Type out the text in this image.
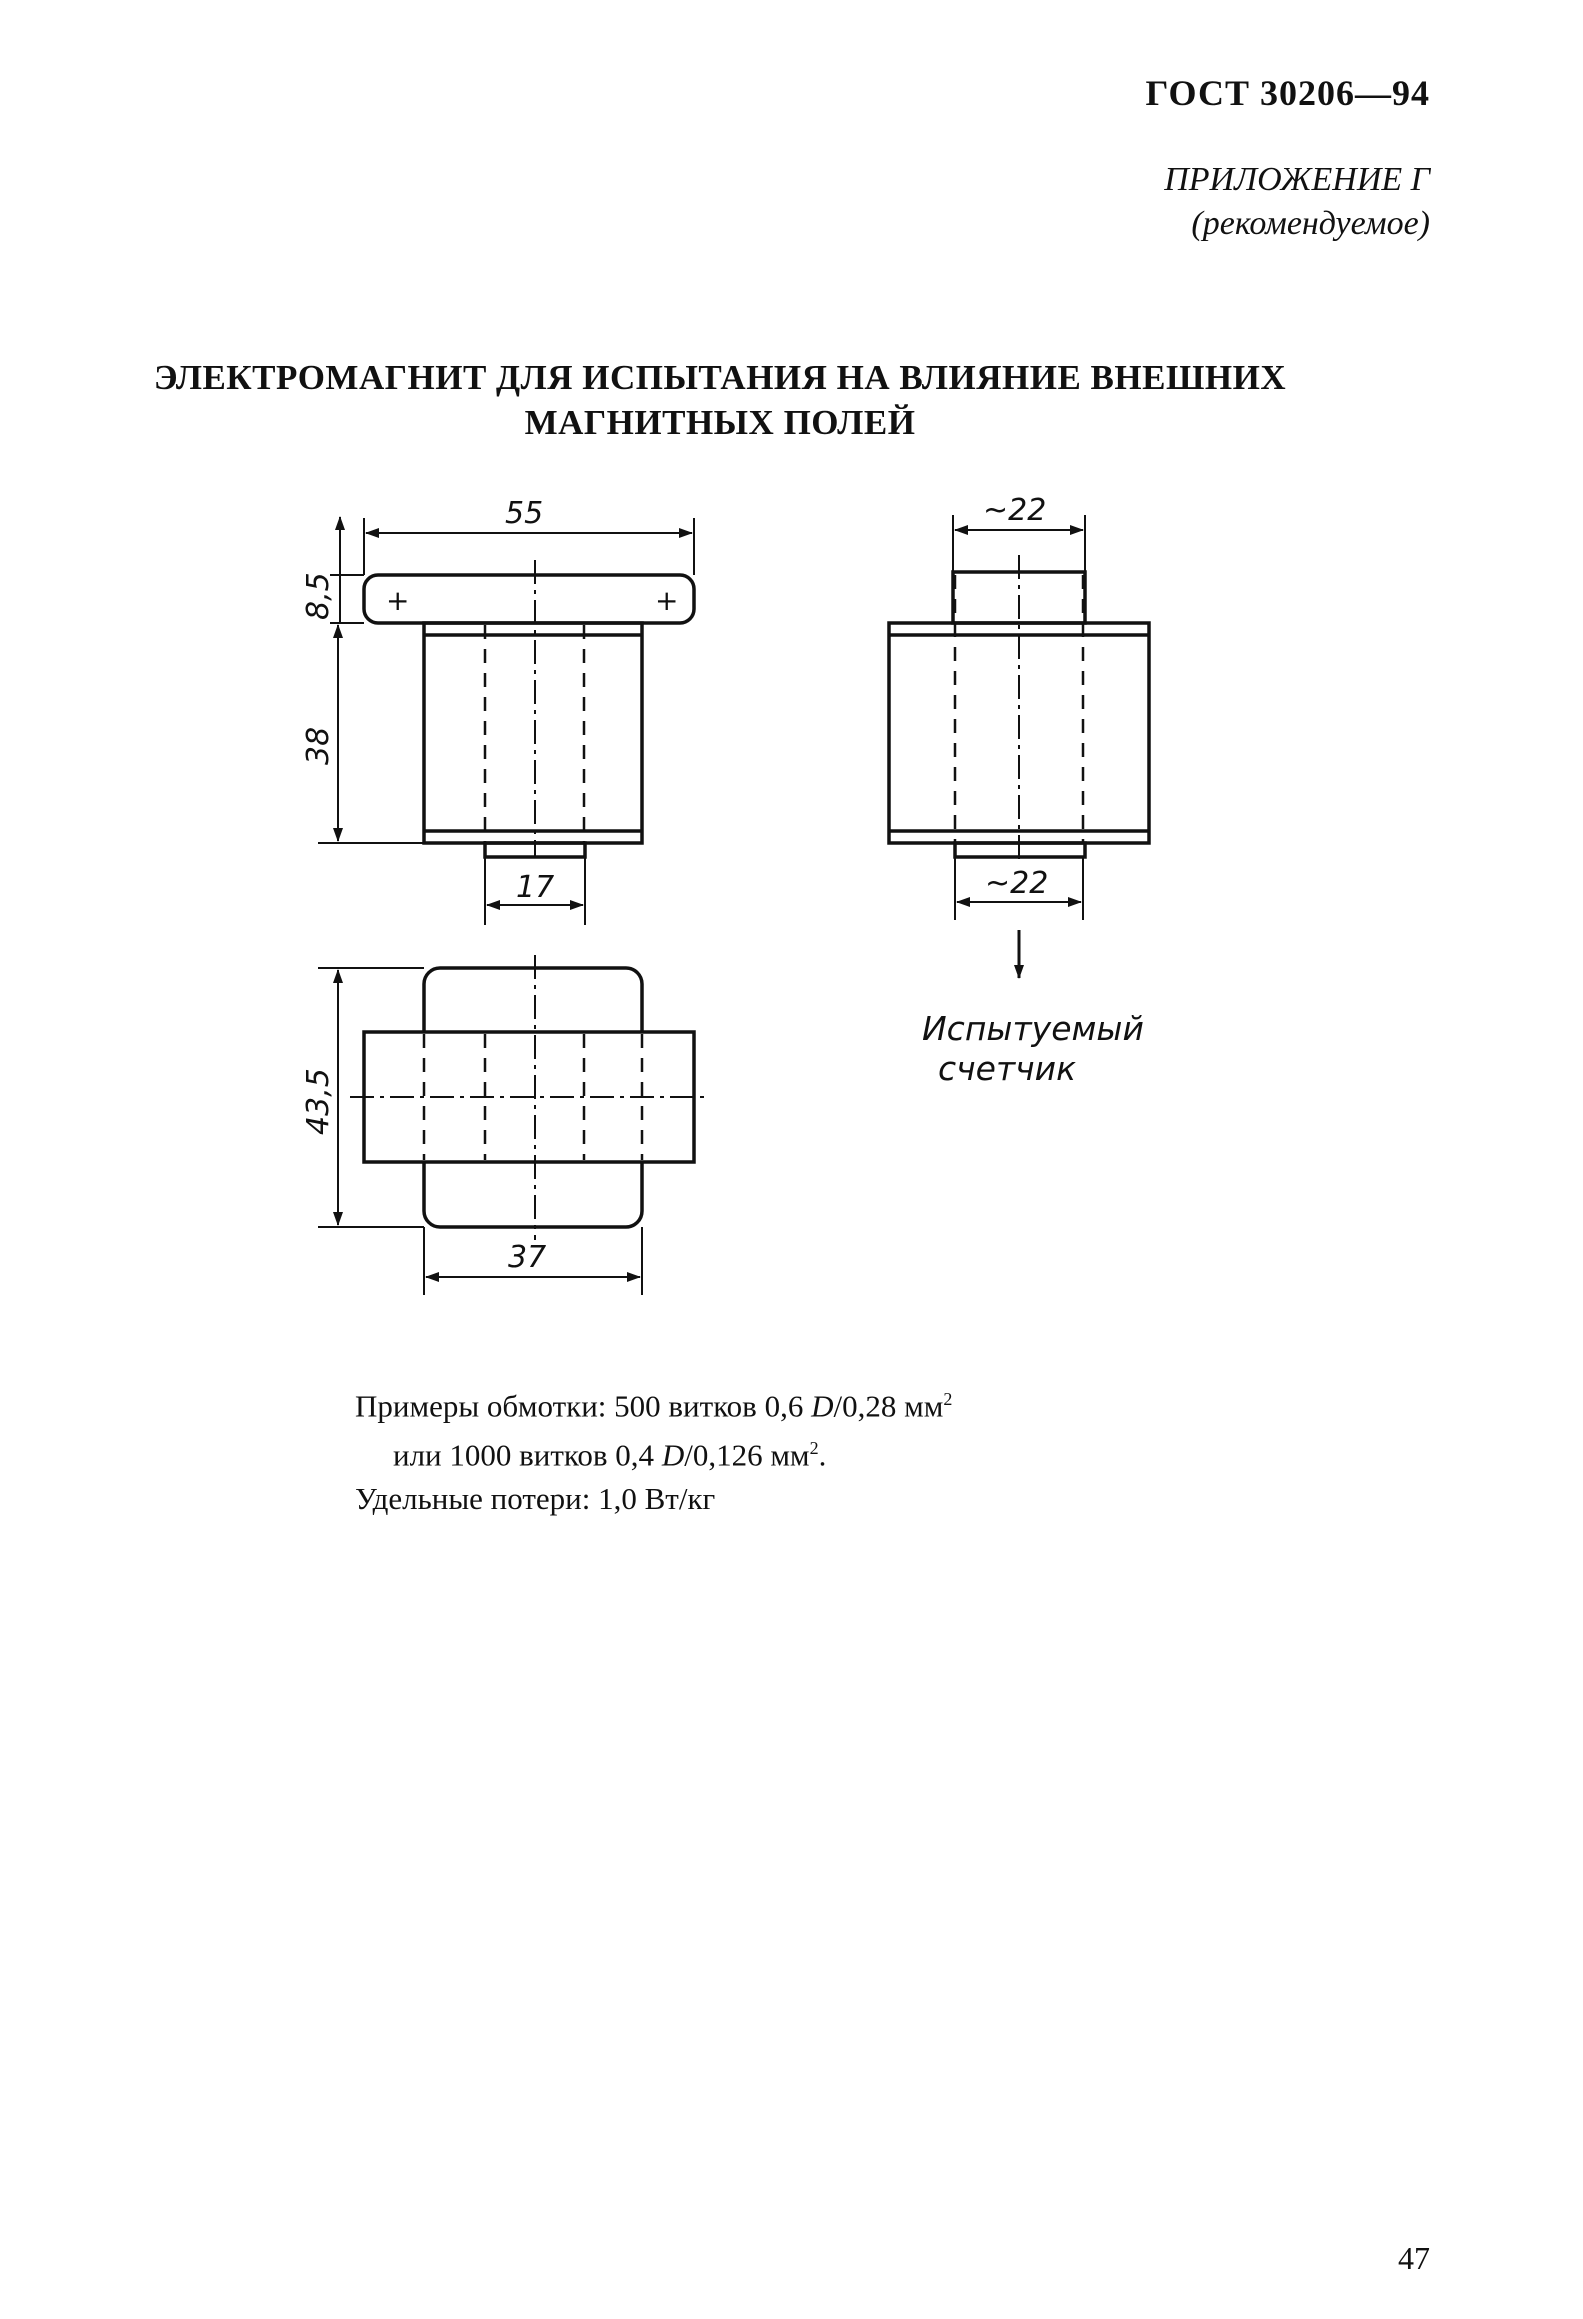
ГОСТ 30206—94
ПРИЛОЖЕНИЕ Г
(рекомендуемое)
ЭЛЕКТРОМАГНИТ ДЛЯ ИСПЫТАНИЯ НА ВЛИЯНИЕ ВНЕШНИХ
МАГНИТНЫХ ПОЛЕЙ
+	+
55
8,5
38
17
~22
~22
Испытуемый
счетчик
43,5
37
Примеры обмотки: 500 витков 0,6 D/0,28 $мм^2$
или 1000 витков 0,4 D/0,126 $мм^2$.
Удельные потери: 1,0 Вт/кг
47
